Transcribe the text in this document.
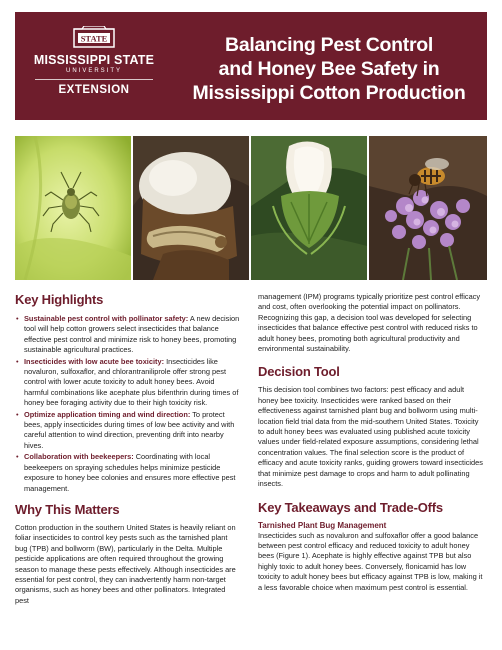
STATE
MISSISSIPPI STATE
UNIVERSITY
EXTENSION
Balancing Pest Control
and Honey Bee Safety in
Mississippi Cotton Production
Key Highlights
• Sustainable pest control with pollinator safety: A new decision tool will help cotton growers select insecticides that balance effective pest control and minimize risk to honey bees, promoting sustainable agricultural practices.
• Insecticides with low acute bee toxicity: Insecticides like novaluron, sulfoxaflor, and chlorantraniliprole offer strong pest control with lower acute toxicity to adult honey bees. Avoid harmful combinations like acephate plus bifenthrin during times of honey bee foraging activity due to their high toxicity risk.
• Optimize application timing and wind direction: To protect bees, apply insecticides during times of low bee activity and with careful attention to wind direction, preventing drift into nearby hives.
• Collaboration with beekeepers: Coordinating with local beekeepers on spraying schedules helps minimize pesticide exposure to honey bee colonies and ensures more effective pest management.
Why This Matters

Cotton production in the southern United States is heavily reliant on foliar insecticides to control key pests such as the tarnished plant bug (TPB) and bollworm (BW), particularly in the Delta. Multiple pesticide applications are often required throughout the growing season to manage these pests effectively. Although insecticides are essential for pest control, they can inadvertently harm non-target organisms, such as honey bees and other pollinators. Integrated pest

management (IPM) programs typically prioritize pest control efficacy and cost, often overlooking the potential impact on pollinators. Recognizing this gap, a decision tool was developed for selecting insecticides that balance effective pest control with reduced risks to adult honey bees, promoting both agricultural productivity and environmental sustainability.

Decision Tool

This decision tool combines two factors: pest efficacy and adult honey bee toxicity. Insecticides were ranked based on their effectiveness against tarnished plant bug and bollworm using multi-location field trial data from the mid-southern United States. Toxicity to adult honey bees was evaluated using published acute toxicity values under field-related exposure assumptions, considering lethal concentration values. The final selection score is the product of efficacy and acute toxicity ranks, guiding growers toward insecticides that minimize pest damage to crops and harm to adult pollinating insects.

Key Takeaways and Trade-Offs
Tarnished Plant Bug Management

Insecticides such as novaluron and sulfoxaflor offer a good balance between pest control efficacy and reduced toxicity to adult honey bees (Figure 1). Acephate is highly effective against TPB but also highly toxic to adult honey bees. Conversely, flonicamid has low toxicity to adult honey bees but efficacy against TPB is low, making it a less favorable choice when maximum pest control is essential.
